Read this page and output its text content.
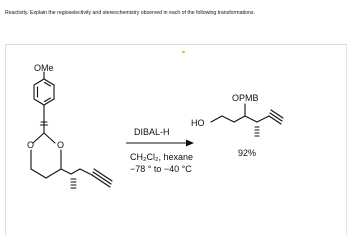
Reactivity. Explain the regioselectivity and stereochemistry observed in each of the following transformations.
OMe
O	O
DIBAL-H
CH₂Cl₂, hexane
−78 ° to −40 °C
HO
OPMB
92%
